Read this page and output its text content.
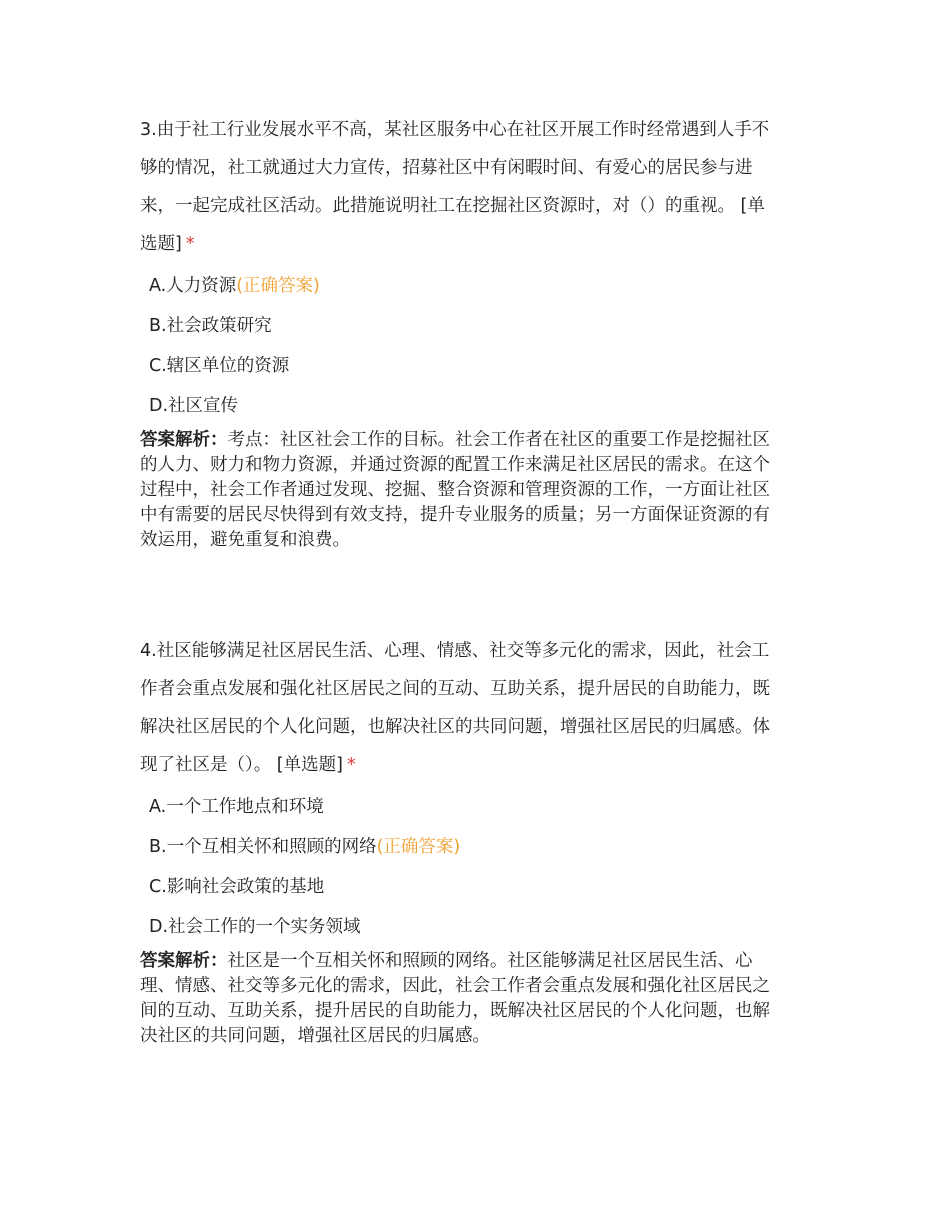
3.由于社工行业发展水平不高，某社区服务中心在社区开展工作时经常遇到人手不
够的情况，社工就通过大力宣传，招募社区中有闲暇时间、有爱心的居民参与进
来，一起完成社区活动。此措施说明社工在挖掘社区资源时，对（）的重视。 [单
选题] *
A.人力资源(正确答案)
B.社会政策研究
C.辖区单位的资源
D.社区宣传
答案解析：考点：社区社会工作的目标。社会工作者在社区的重要工作是挖掘社区
的人力、财力和物力资源，并通过资源的配置工作来满足社区居民的需求。在这个
过程中，社会工作者通过发现、挖掘、整合资源和管理资源的工作，一方面让社区
中有需要的居民尽快得到有效支持，提升专业服务的质量；另一方面保证资源的有
效运用，避免重复和浪费。
4.社区能够满足社区居民生活、心理、情感、社交等多元化的需求，因此，社会工
作者会重点发展和强化社区居民之间的互动、互助关系，提升居民的自助能力，既
解决社区居民的个人化问题，也解决社区的共同问题，增强社区居民的归属感。体
现了社区是（）。 [单选题] *
A.一个工作地点和环境
B.一个互相关怀和照顾的网络(正确答案)
C.影响社会政策的基地
D.社会工作的一个实务领域
答案解析：社区是一个互相关怀和照顾的网络。社区能够满足社区居民生活、心
理、情感、社交等多元化的需求，因此，社会工作者会重点发展和强化社区居民之
间的互动、互助关系，提升居民的自助能力，既解决社区居民的个人化问题，也解
决社区的共同问题，增强社区居民的归属感。
